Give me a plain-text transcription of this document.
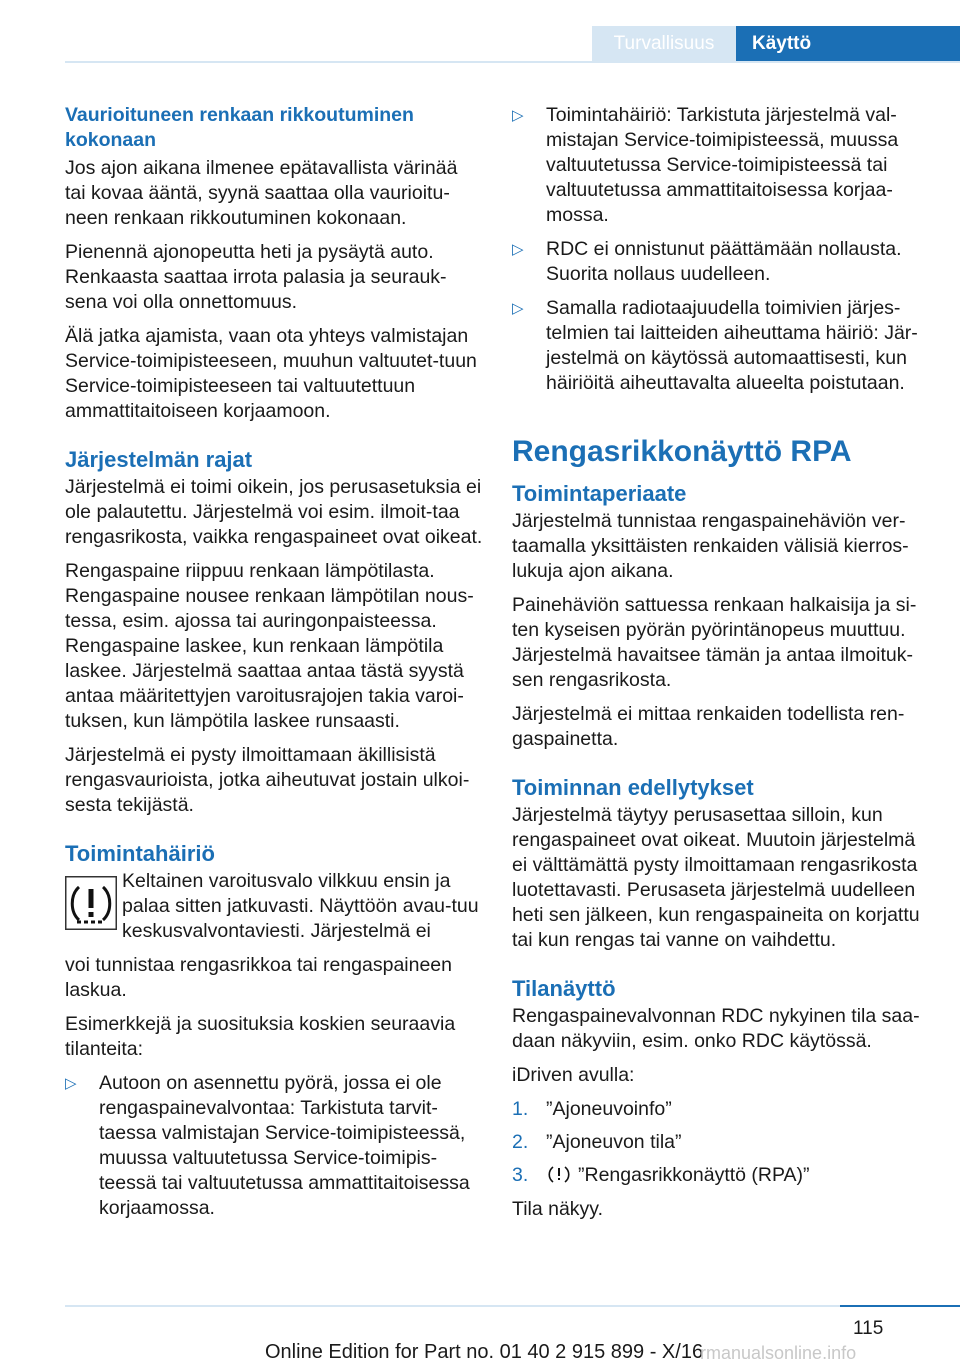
Turvallisuus	Käyttö
Vaurioituneen renkaan rikkoutuminen kokonaan

Jos ajon aikana ilmenee epätavallista värinää tai kovaa ääntä, syynä saattaa olla vaurioitu-neen renkaan rikkoutuminen kokonaan.

Pienennä ajonopeutta heti ja pysäytä auto. Renkaasta saattaa irrota palasia ja seurauk-sena voi olla onnettomuus.

Älä jatka ajamista, vaan ota yhteys valmistajan Service-toimipisteeseen, muuhun valtuutet-tuun Service-toimipisteeseen tai valtuutettuun ammattitaitoiseen korjaamoon.

Järjestelmän rajat

Järjestelmä ei toimi oikein, jos perusasetuksia ei ole palautettu. Järjestelmä voi esim. ilmoit-taa rengasrikosta, vaikka rengaspaineet ovat oikeat.

Rengaspaine riippuu renkaan lämpötilasta. Rengaspaine nousee renkaan lämpötilan nous-tessa, esim. ajossa tai auringonpaisteessa. Rengaspaine laskee, kun renkaan lämpötila laskee. Järjestelmä saattaa antaa tästä syystä antaa määritettyjen varoitusrajojen takia varoi-tuksen, kun lämpötila laskee runsaasti.

Järjestelmä ei pysty ilmoittamaan äkillisistä rengasvaurioista, jotka aiheutuvat jostain ulkoi-sesta tekijästä.

Toimintahäiriö

Keltainen varoitusvalo vilkkuu ensin ja palaa sitten jatkuvasti. Näyttöön avau-tuu keskusvalvontaviesti. Järjestelmä ei

voi tunnistaa rengasrikkoa tai rengaspaineen laskua.

Esimerkkejä ja suosituksia koskien seuraavia tilanteita:

▷ Autoon on asennettu pyörä, jossa ei ole rengaspainevalvontaa: Tarkistuta tarvit-taessa valmistajan Service-toimipisteessä, muussa valtuutetussa Service-toimipis-teessä tai valtuutetussa ammattitaitoisessa korjaamossa.
▷ Toimintahäiriö: Tarkistuta järjestelmä val-mistajan Service-toimipisteessä, muussa valtuutetussa Service-toimipisteessä tai valtuutetussa ammattitaitoisessa korjaa-mossa.
▷ RDC ei onnistunut päättämään nollausta. Suorita nollaus uudelleen.
▷ Samalla radiotaajuudella toimivien järjes-telmien tai laitteiden aiheuttama häiriö: Jär-jestelmä on käytössä automaattisesti, kun häiriöitä aiheuttavalta alueelta poistutaan.
Rengasrikkonäyttö RPA
Toimintaperiaate

Järjestelmä tunnistaa rengaspainehäviön ver-taamalla yksittäisten renkaiden välisiä kierros-lukuja ajon aikana.

Painehäviön sattuessa renkaan halkaisija ja si-ten kyseisen pyörän pyörintänopeus muuttuu. Järjestelmä havaitsee tämän ja antaa ilmoituk-sen rengasrikosta.

Järjestelmä ei mittaa renkaiden todellista ren-gaspainetta.

Toiminnan edellytykset

Järjestelmä täytyy perusasettaa silloin, kun rengaspaineet ovat oikeat. Muutoin järjestelmä ei välttämättä pysty ilmoittamaan rengasrikosta luotettavasti. Perusaseta järjestelmä uudelleen heti sen jälkeen, kun rengaspaineita on korjattu tai kun rengas tai vanne on vaihdettu.

Tilanäyttö

Rengaspainevalvonnan RDC nykyinen tila saa-daan näkyviin, esim. onko RDC käytössä.

iDriven avulla:

1. ”Ajoneuvoinfo”
2. ”Ajoneuvon tila”
3.	”Rengasrikkonäyttö (RPA)”

Tila näkyy.

115
Online Edition for Part no. 01 40 2 915 899 - X/16
rmanualsonline.info
